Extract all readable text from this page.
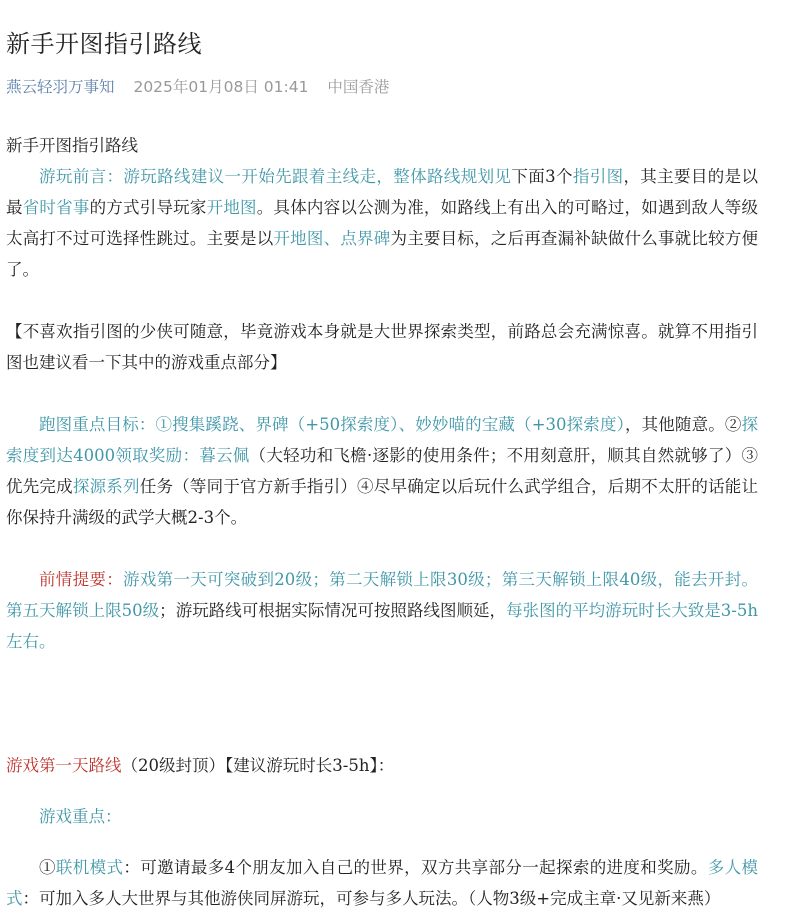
新手开图指引路线
燕云轻羽万事知 2025年01月08日 01:41 中国香港

新手开图指引路线

游玩前言：游玩路线建议一开始先跟着主线走，整体路线规划见下面3个指引图，其主要目的是以最省时省事的方式引导玩家开地图。具体内容以公测为准，如路线上有出入的可略过，如遇到敌人等级太高打不过可选择性跳过。主要是以开地图、点界碑为主要目标，之后再查漏补缺做什么事就比较方便了。

【不喜欢指引图的少侠可随意，毕竟游戏本身就是大世界探索类型，前路总会充满惊喜。就算不用指引图也建议看一下其中的游戏重点部分】

跑图重点目标：①搜集蹊跷、界碑（+50探索度）、妙妙喵的宝藏（+30探索度），其他随意。②探索度到达4000领取奖励：暮云佩（大轻功和飞檐·逐影的使用条件；不用刻意肝，顺其自然就够了）③优先完成探源系列任务（等同于官方新手指引）④尽早确定以后玩什么武学组合，后期不太肝的话能让你保持升满级的武学大概2-3个。

前情提要：游戏第一天可突破到20级；第二天解锁上限30级；第三天解锁上限40级，能去开封。第五天解锁上限50级；游玩路线可根据实际情况可按照路线图顺延，每张图的平均游玩时长大致是3-5h左右。

游戏第一天路线（20级封顶）【建议游玩时长3-5h】：

游戏重点：

①联机模式：可邀请最多4个朋友加入自己的世界，双方共享部分一起探索的进度和奖励。多人模式：可加入多人大世界与其他游侠同屏游玩，可参与多人玩法。（人物3级+完成主章·又见新来燕）
